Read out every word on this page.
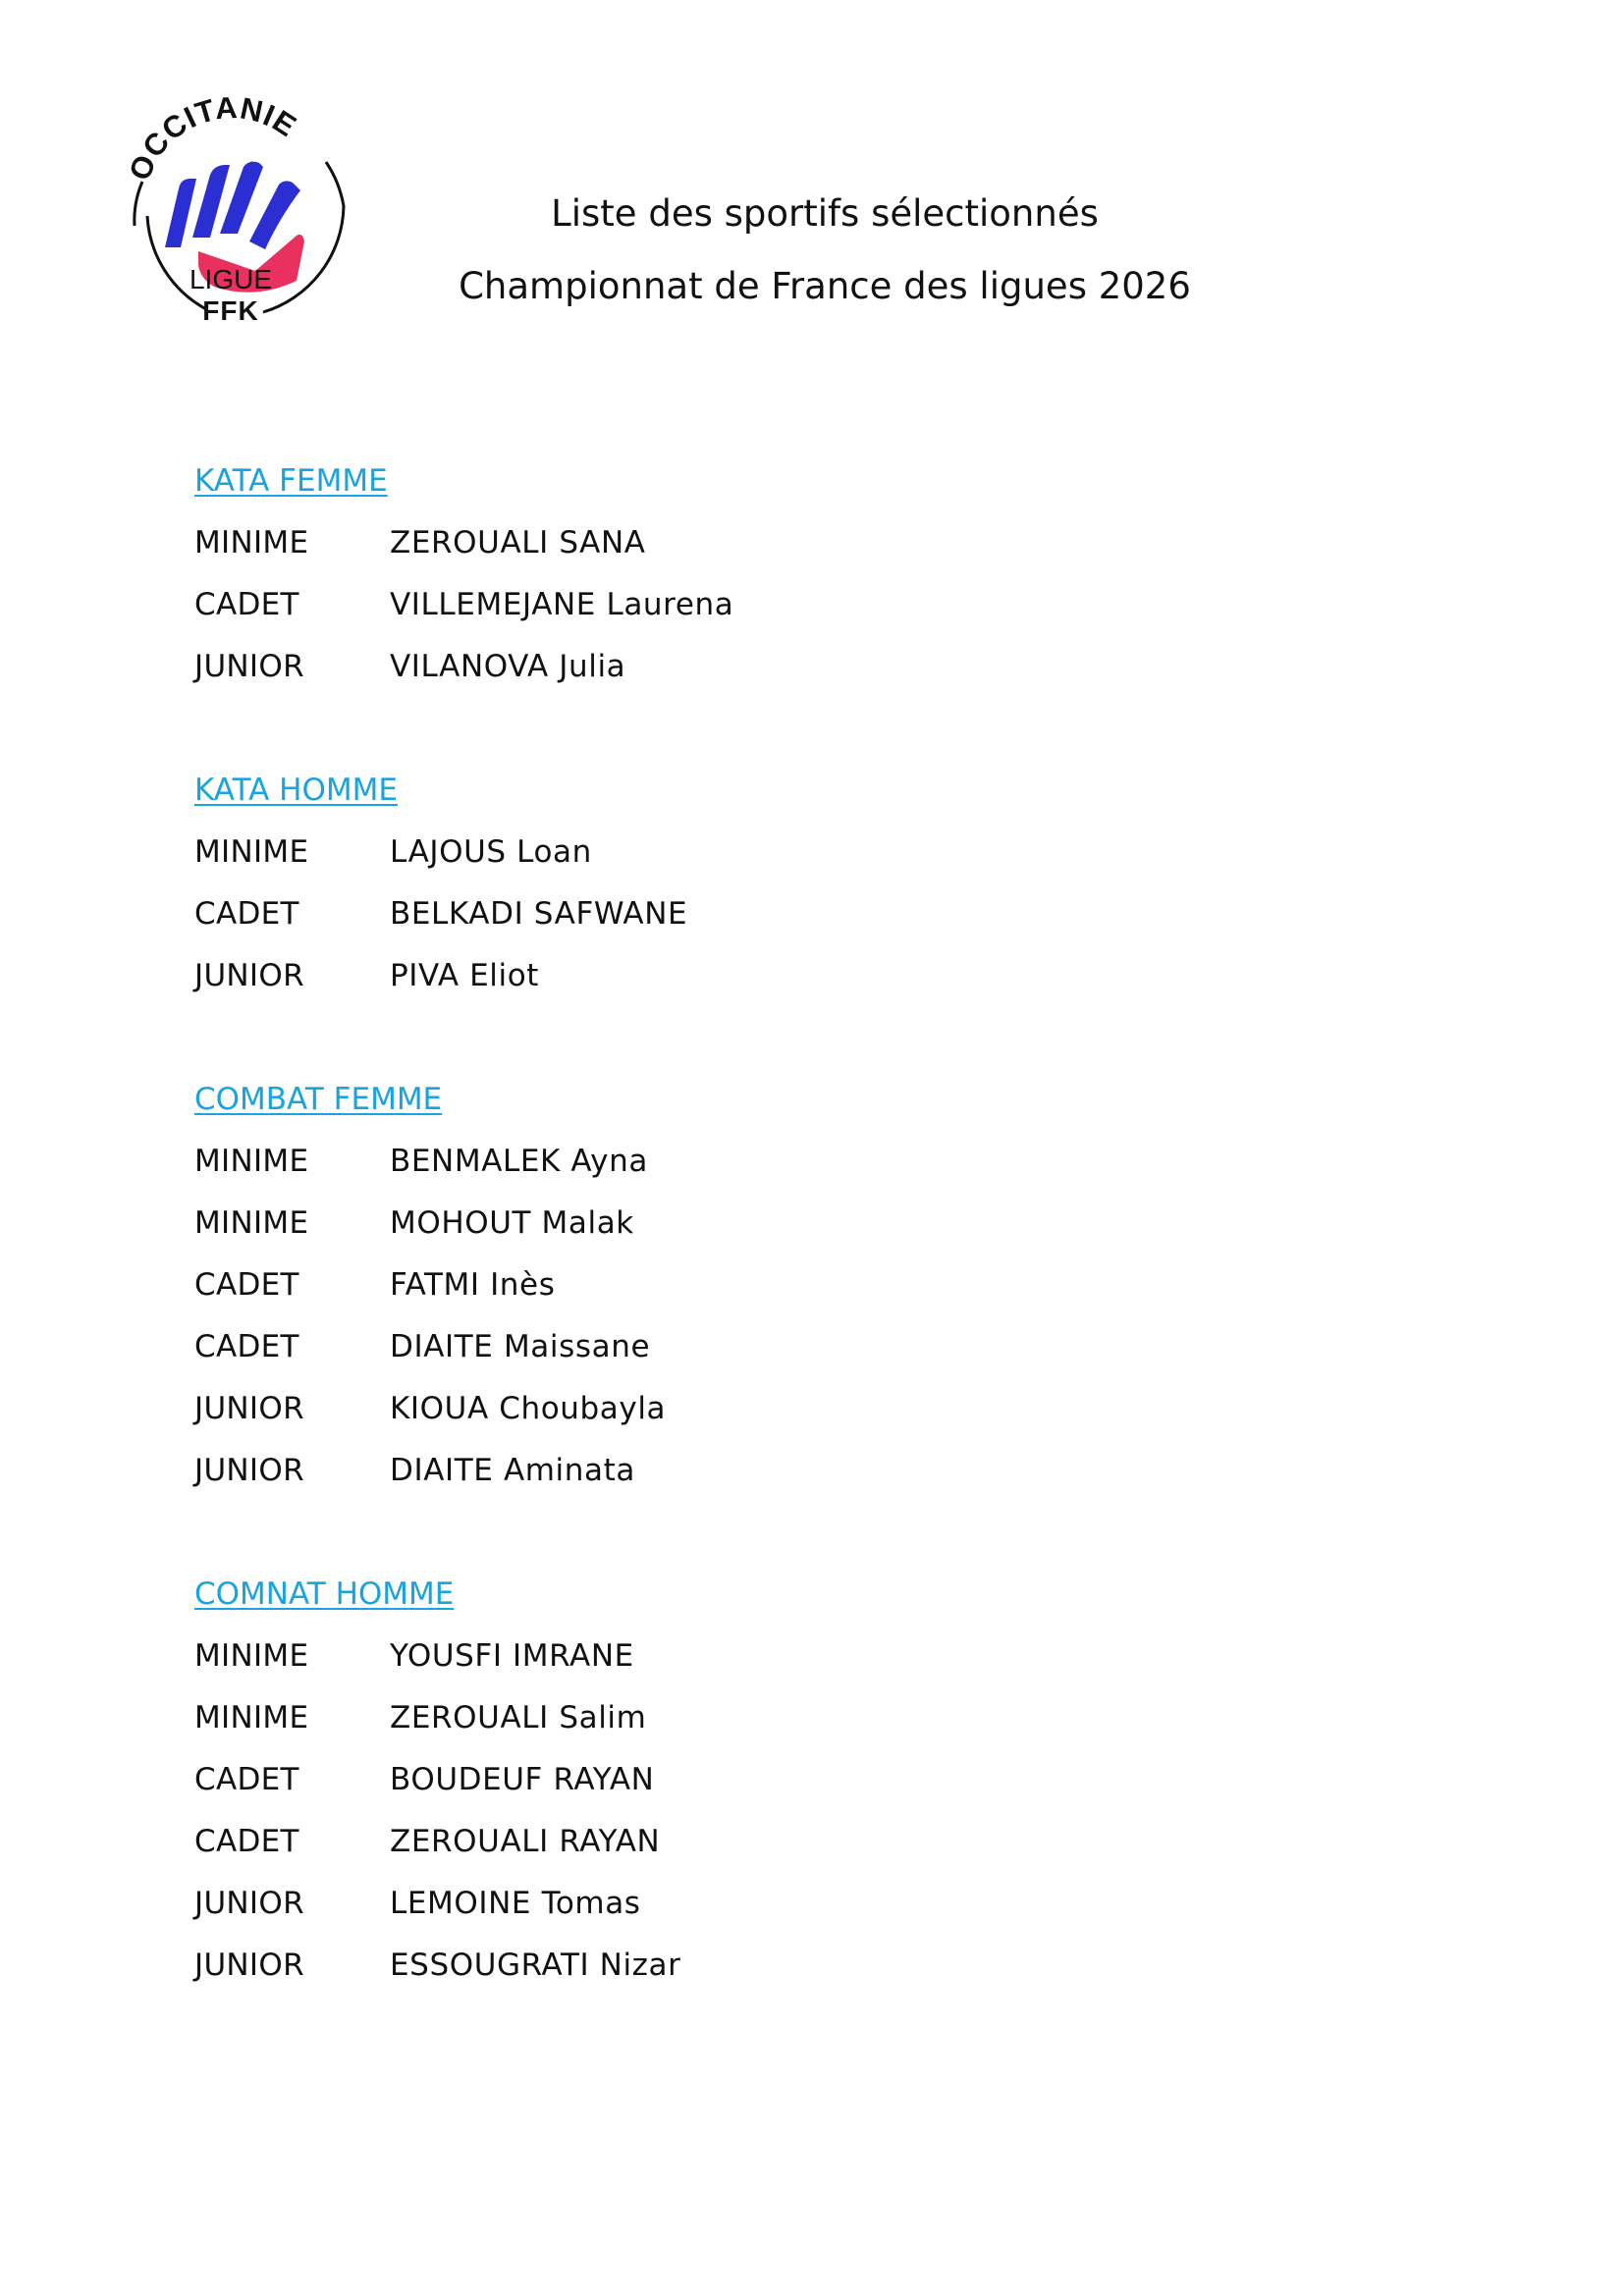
OCCITANIE
LIGUE
FFK
Liste des sportifs sélectionnés
Championnat de France des ligues 2026
KATA FEMME
MINIME	ZEROUALI SANA
CADET	VILLEMEJANE Laurena
JUNIOR	VILANOVA Julia
KATA HOMME
MINIME	LAJOUS Loan
CADET	BELKADI SAFWANE
JUNIOR	PIVA Eliot
COMBAT FEMME
MINIME	BENMALEK Ayna
MINIME	MOHOUT Malak
CADET	FATMI Inès
CADET	DIAITE Maissane
JUNIOR	KIOUA Choubayla
JUNIOR	DIAITE Aminata
COMNAT HOMME
MINIME	YOUSFI IMRANE
MINIME	ZEROUALI Salim
CADET	BOUDEUF RAYAN
CADET	ZEROUALI RAYAN
JUNIOR	LEMOINE Tomas
JUNIOR	ESSOUGRATI Nizar
